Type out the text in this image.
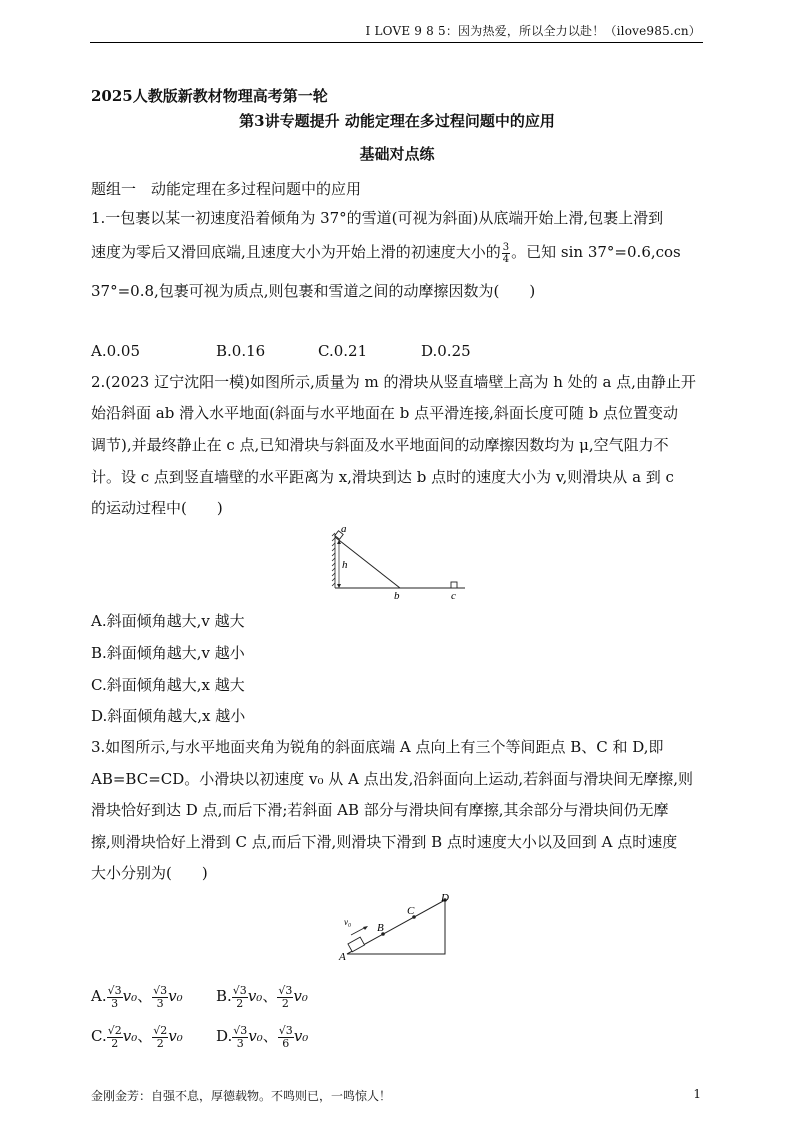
I LOVE 9 8 5：因为热爱，所以全力以赴！（ilove985.cn）
2025人教版新教材物理高考第一轮
第3讲专题提升 动能定理在多过程问题中的应用
基础对点练
题组一　动能定理在多过程问题中的应用
1.一包裹以某一初速度沿着倾角为 37°的雪道(可视为斜面)从底端开始上滑,包裹上滑到
速度为零后又滑回底端,且速度大小为开始上滑的初速度大小的 $\frac{3}{4}$ 。已知 sin 37°=0.6,cos
37°=0.8,包裹可视为质点,则包裹和雪道之间的动摩擦因数为(　　)
A.0.05	B.0.16	C.0.21	D.0.25
2.(2023 辽宁沈阳一模)如图所示,质量为 m 的滑块从竖直墙壁上高为 h 处的 a 点,由静止开
始沿斜面 ab 滑入水平地面(斜面与水平地面在 b 点平滑连接,斜面长度可随 b 点位置变动
调节),并最终静止在 c 点,已知滑块与斜面及水平地面间的动摩擦因数均为 μ,空气阻力不
计。设 c 点到竖直墙壁的水平距离为 x,滑块到达 b 点时的速度大小为 v,则滑块从 a 到 c
的运动过程中(　　)
a
h
b	c
A.斜面倾角越大,v 越大
B.斜面倾角越大,v 越小
C.斜面倾角越大,x 越大
D.斜面倾角越大,x 越小
3.如图所示,与水平地面夹角为锐角的斜面底端 A 点向上有三个等间距点 B、C 和 D,即
AB=BC=CD。小滑块以初速度 v₀ 从 A 点出发,沿斜面向上运动,若斜面与滑块间无摩擦,则
滑块恰好到达 D 点,而后下滑;若斜面 AB 部分与滑块间有摩擦,其余部分与滑块间仍无摩
擦,则滑块恰好上滑到 C 点,而后下滑,则滑块下滑到 B 点时速度大小以及回到 A 点时速度
大小分别为(　　)
v₀
A
B
C
D
A. $\frac{√3}{3} v_0$、 $\frac{√3}{3} v_0$ B. $\frac{√3}{2} v_0$、 $\frac{√3}{2} v_0$
C. $\frac{√2}{2} v_0$、 $\frac{√2}{2} v_0$ D. $\frac{√3}{3} v_0$、 $\frac{√3}{6} v_0$
金刚金芳：自强不息，厚德载物。不鸣则已，一鸣惊人！	1
